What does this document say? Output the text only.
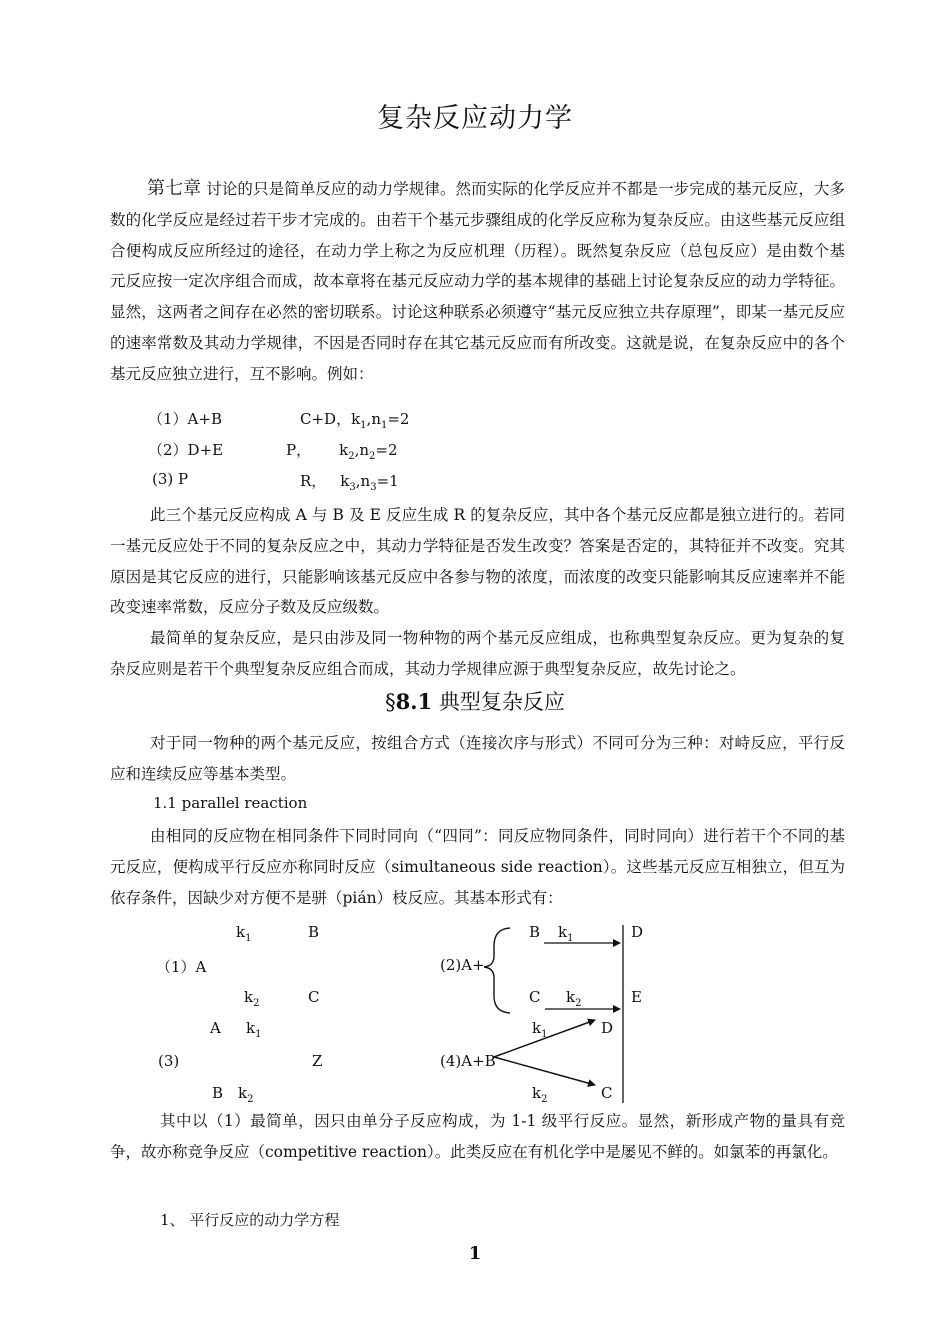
复杂反应动力学
第七章 讨论的只是简单反应的动力学规律。然而实际的化学反应并不都是一步完成的基元反应，大多数的化学反应是经过若干步才完成的。由若干个基元步骤组成的化学反应称为复杂反应。由这些基元反应组合便构成反应所经过的途径，在动力学上称之为反应机理（历程）。既然复杂反应（总包反应）是由数个基元反应按一定次序组合而成，故本章将在基元反应动力学的基本规律的基础上讨论复杂反应的动力学特征。显然，这两者之间存在必然的密切联系。讨论这种联系必须遵守“基元反应独立共存原理”，即某一基元反应的速率常数及其动力学规律，不因是否同时存在其它基元反应而有所改变。这就是说，在复杂反应中的各个基元反应独立进行，互不影响。例如：
（1）A+B	C+D，$k_1,n_1=2$
（2）D+E	P， $k_2,n_2=2$
(3) P	R， $k_3,n_3=1$
此三个基元反应构成 A 与 B 及 E 反应生成 R 的复杂反应，其中各个基元反应都是独立进行的。若同一基元反应处于不同的复杂反应之中，其动力学特征是否发生改变？答案是否定的，其特征并不改变。究其原因是其它反应的进行，只能影响该基元反应中各参与物的浓度，而浓度的改变只能影响其反应速率并不能改变速率常数，反应分子数及反应级数。
最简单的复杂反应，是只由涉及同一物种物的两个基元反应组成，也称典型复杂反应。更为复杂的复杂反应则是若干个典型复杂反应组合而成，其动力学规律应源于典型复杂反应，故先讨论之。
§8.1 典型复杂反应
对于同一物种的两个基元反应，按组合方式（连接次序与形式）不同可分为三种：对峙反应，平行反应和连续反应等基本类型。
1.1 parallel reaction
由相同的反应物在相同条件下同时同向（“四同”：同反应物同条件，同时同向）进行若干个不同的基元反应，便构成平行反应亦称同时反应（simultaneous side reaction）。这些基元反应互相独立，但互为依存条件，因缺少对方便不是骈（pián）枝反应。其基本形式有：
$k_1$	B
（1）A
$k_2$	C
(2)A+
B $k_1$	D
C $k_2$	E
A $k_1$
(3)	Z
B $k_2$
(4)A+B
$k_1$	D
$k_2$	C
其中以（1）最简单，因只由单分子反应构成，为 1-1 级平行反应。显然，新形成产物的量具有竞争，故亦称竞争反应（competitive reaction）。此类反应在有机化学中是屡见不鲜的。如氯苯的再氯化。
1、 平行反应的动力学方程
1
